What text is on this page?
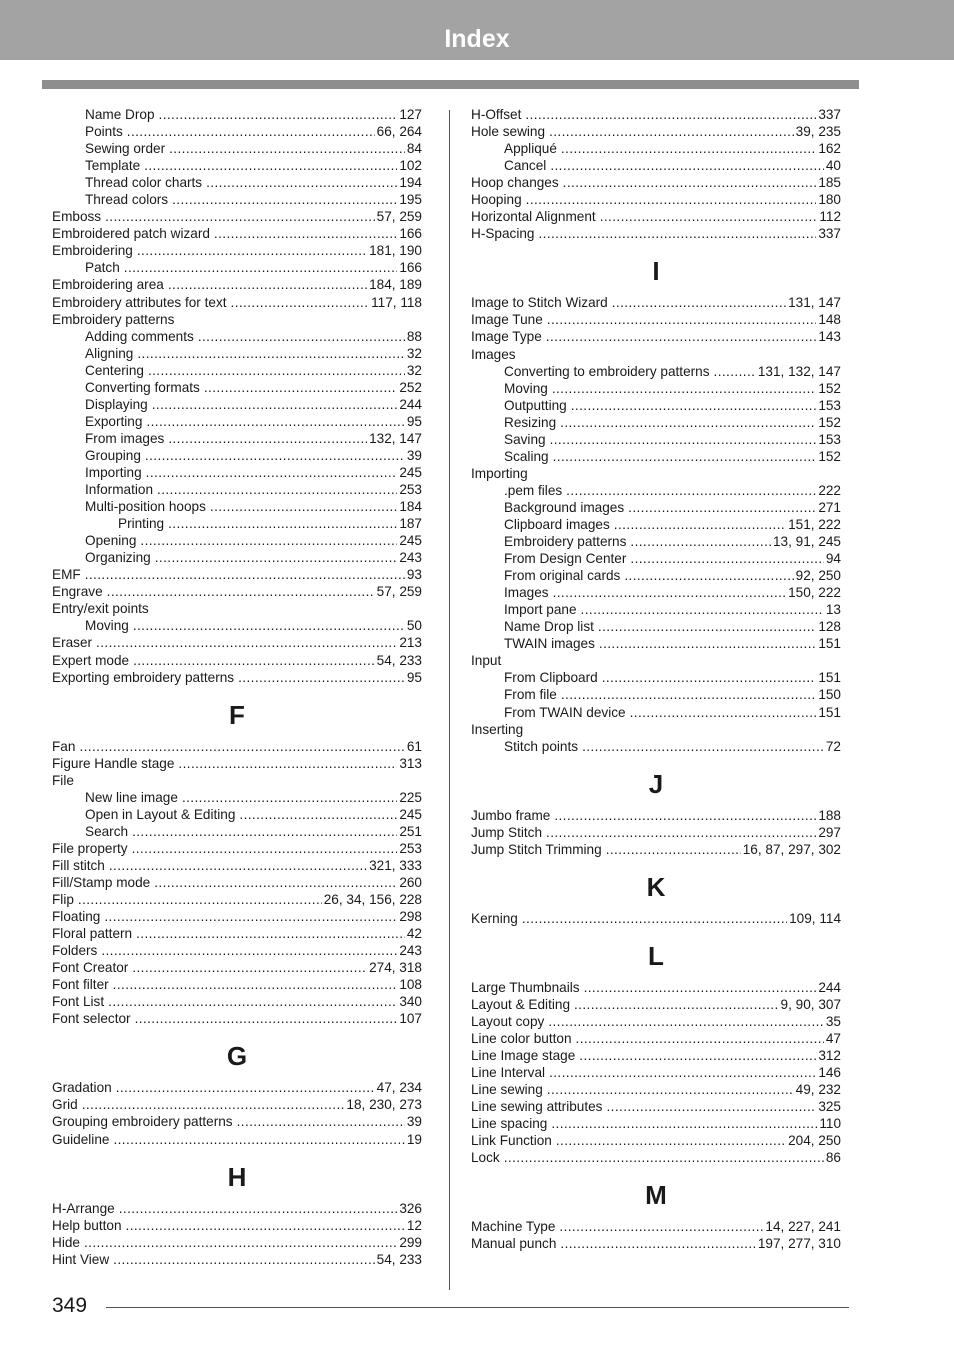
Index
Name Drop .....	127
Points .....	66, 264
Sewing order .....	84
Template .....	102
Thread color charts .....	194
Thread colors .....	195
Emboss .....	57, 259
Embroidered patch wizard .....	166
Embroidering .....	181, 190
Patch .....	166
Embroidering area .....	184, 189
Embroidery attributes for text .....	117, 118
Embroidery patterns
Adding comments .....	88
Aligning .....	32
Centering .....	32
Converting formats .....	252
Displaying .....	244
Exporting .....	95
From images .....	132, 147
Grouping .....	39
Importing .....	245
Information .....	253
Multi-position hoops .....	184
Printing .....	187
Opening .....	245
Organizing .....	243
EMF .....	93
Engrave .....	57, 259
Entry/exit points
Moving .....	50
Eraser .....	213
Expert mode .....	54, 233
Exporting embroidery patterns .....	95
F
Fan .....	61
Figure Handle stage .....	313
File
New line image .....	225
Open in Layout & Editing .....	245
Search .....	251
File property .....	253
Fill stitch .....	321, 333
Fill/Stamp mode .....	260
Flip .....	26, 34, 156, 228
Floating .....	298
Floral pattern .....	42
Folders .....	243
Font Creator .....	274, 318
Font filter .....	108
Font List .....	340
Font selector .....	107
G
Gradation .....	47, 234
Grid .....	18, 230, 273
Grouping embroidery patterns .....	39
Guideline .....	19
H
H-Arrange .....	326
Help button .....	12
Hide .....	299
Hint View .....	54, 233
H-Offset .....	337
Hole sewing .....	39, 235
Appliqué .....	162
Cancel .....	40
Hoop changes .....	185
Hooping .....	180
Horizontal Alignment .....	112
H-Spacing .....	337
I
Image to Stitch Wizard .....	131, 147
Image Tune .....	148
Image Type .....	143
Images
Converting to embroidery patterns .....	131, 132, 147
Moving .....	152
Outputting .....	153
Resizing .....	152
Saving .....	153
Scaling .....	152
Importing
.pem files .....	222
Background images .....	271
Clipboard images .....	151, 222
Embroidery patterns .....	13, 91, 245
From Design Center .....	94
From original cards .....	92, 250
Images .....	150, 222
Import pane .....	13
Name Drop list .....	128
TWAIN images .....	151
Input
From Clipboard .....	151
From file .....	150
From TWAIN device .....	151
Inserting
Stitch points .....	72
J
Jumbo frame .....	188
Jump Stitch .....	297
Jump Stitch Trimming .....	16, 87, 297, 302
K
Kerning .....	109, 114
L
Large Thumbnails .....	244
Layout & Editing .....	9, 90, 307
Layout copy .....	35
Line color button .....	47
Line Image stage .....	312
Line Interval .....	146
Line sewing .....	49, 232
Line sewing attributes .....	325
Line spacing .....	110
Link Function .....	204, 250
Lock .....	86
M
Machine Type .....	14, 227, 241
Manual punch .....	197, 277, 310
349
